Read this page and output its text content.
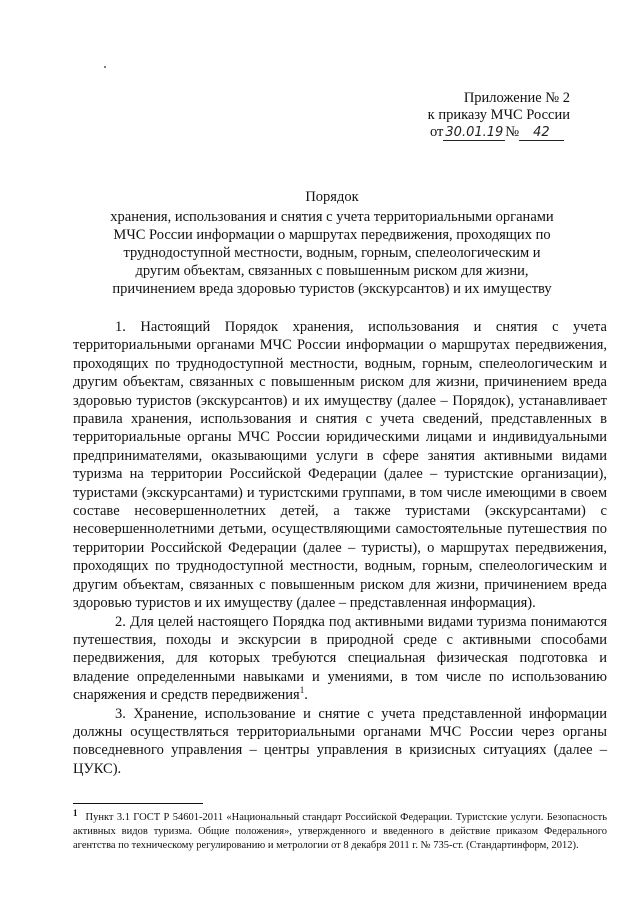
Приложение № 2
к приказу МЧС России
от 30.01.19 № 42
Порядок
хранения, использования и снятия с учета территориальными органами МЧС России информации о маршрутах передвижения, проходящих по труднодоступной местности, водным, горным, спелеологическим и другим объектам, связанных с повышенным риском для жизни, причинением вреда здоровью туристов (экскурсантов) и их имуществу

1. Настоящий Порядок хранения, использования и снятия с учета территориальными органами МЧС России информации о маршрутах передвижения, проходящих по труднодоступной местности, водным, горным, спелеологическим и другим объектам, связанных с повышенным риском для жизни, причинением вреда здоровью туристов (экскурсантов) и их имуществу (далее – Порядок), устанавливает правила хранения, использования и снятия с учета сведений, представленных в территориальные органы МЧС России юридическими лицами и индивидуальными предпринимателями, оказывающими услуги в сфере занятия активными видами туризма на территории Российской Федерации (далее – туристские организации), туристами (экскурсантами) и туристскими группами, в том числе имеющими в своем составе несовершеннолетних детей, а также туристами (экскурсантами) с несовершеннолетними детьми, осуществляющими самостоятельные путешествия по территории Российской Федерации (далее – туристы), о маршрутах передвижения, проходящих по труднодоступной местности, водным, горным, спелеологическим и другим объектам, связанных с повышенным риском для жизни, причинением вреда здоровью туристов и их имуществу (далее – представленная информация).

2. Для целей настоящего Порядка под активными видами туризма понимаются путешествия, походы и экскурсии в природной среде с активными способами передвижения, для которых требуются специальная физическая подготовка и владение определенными навыками и умениями, в том числе по использованию снаряжения и средств передвижения$^1$.

3. Хранение, использование и снятие с учета представленной информации должны осуществляться территориальными органами МЧС России через органы повседневного управления – центры управления в кризисных ситуациях (далее – ЦУКС).

1 Пункт 3.1 ГОСТ Р 54601-2011 «Национальный стандарт Российской Федерации. Туристские услуги. Безопасность активных видов туризма. Общие положения», утвержденного и введенного в действие приказом Федерального агентства по техническому регулированию и метрологии от 8 декабря 2011 г. № 735-ст. (Стандартинформ, 2012).
